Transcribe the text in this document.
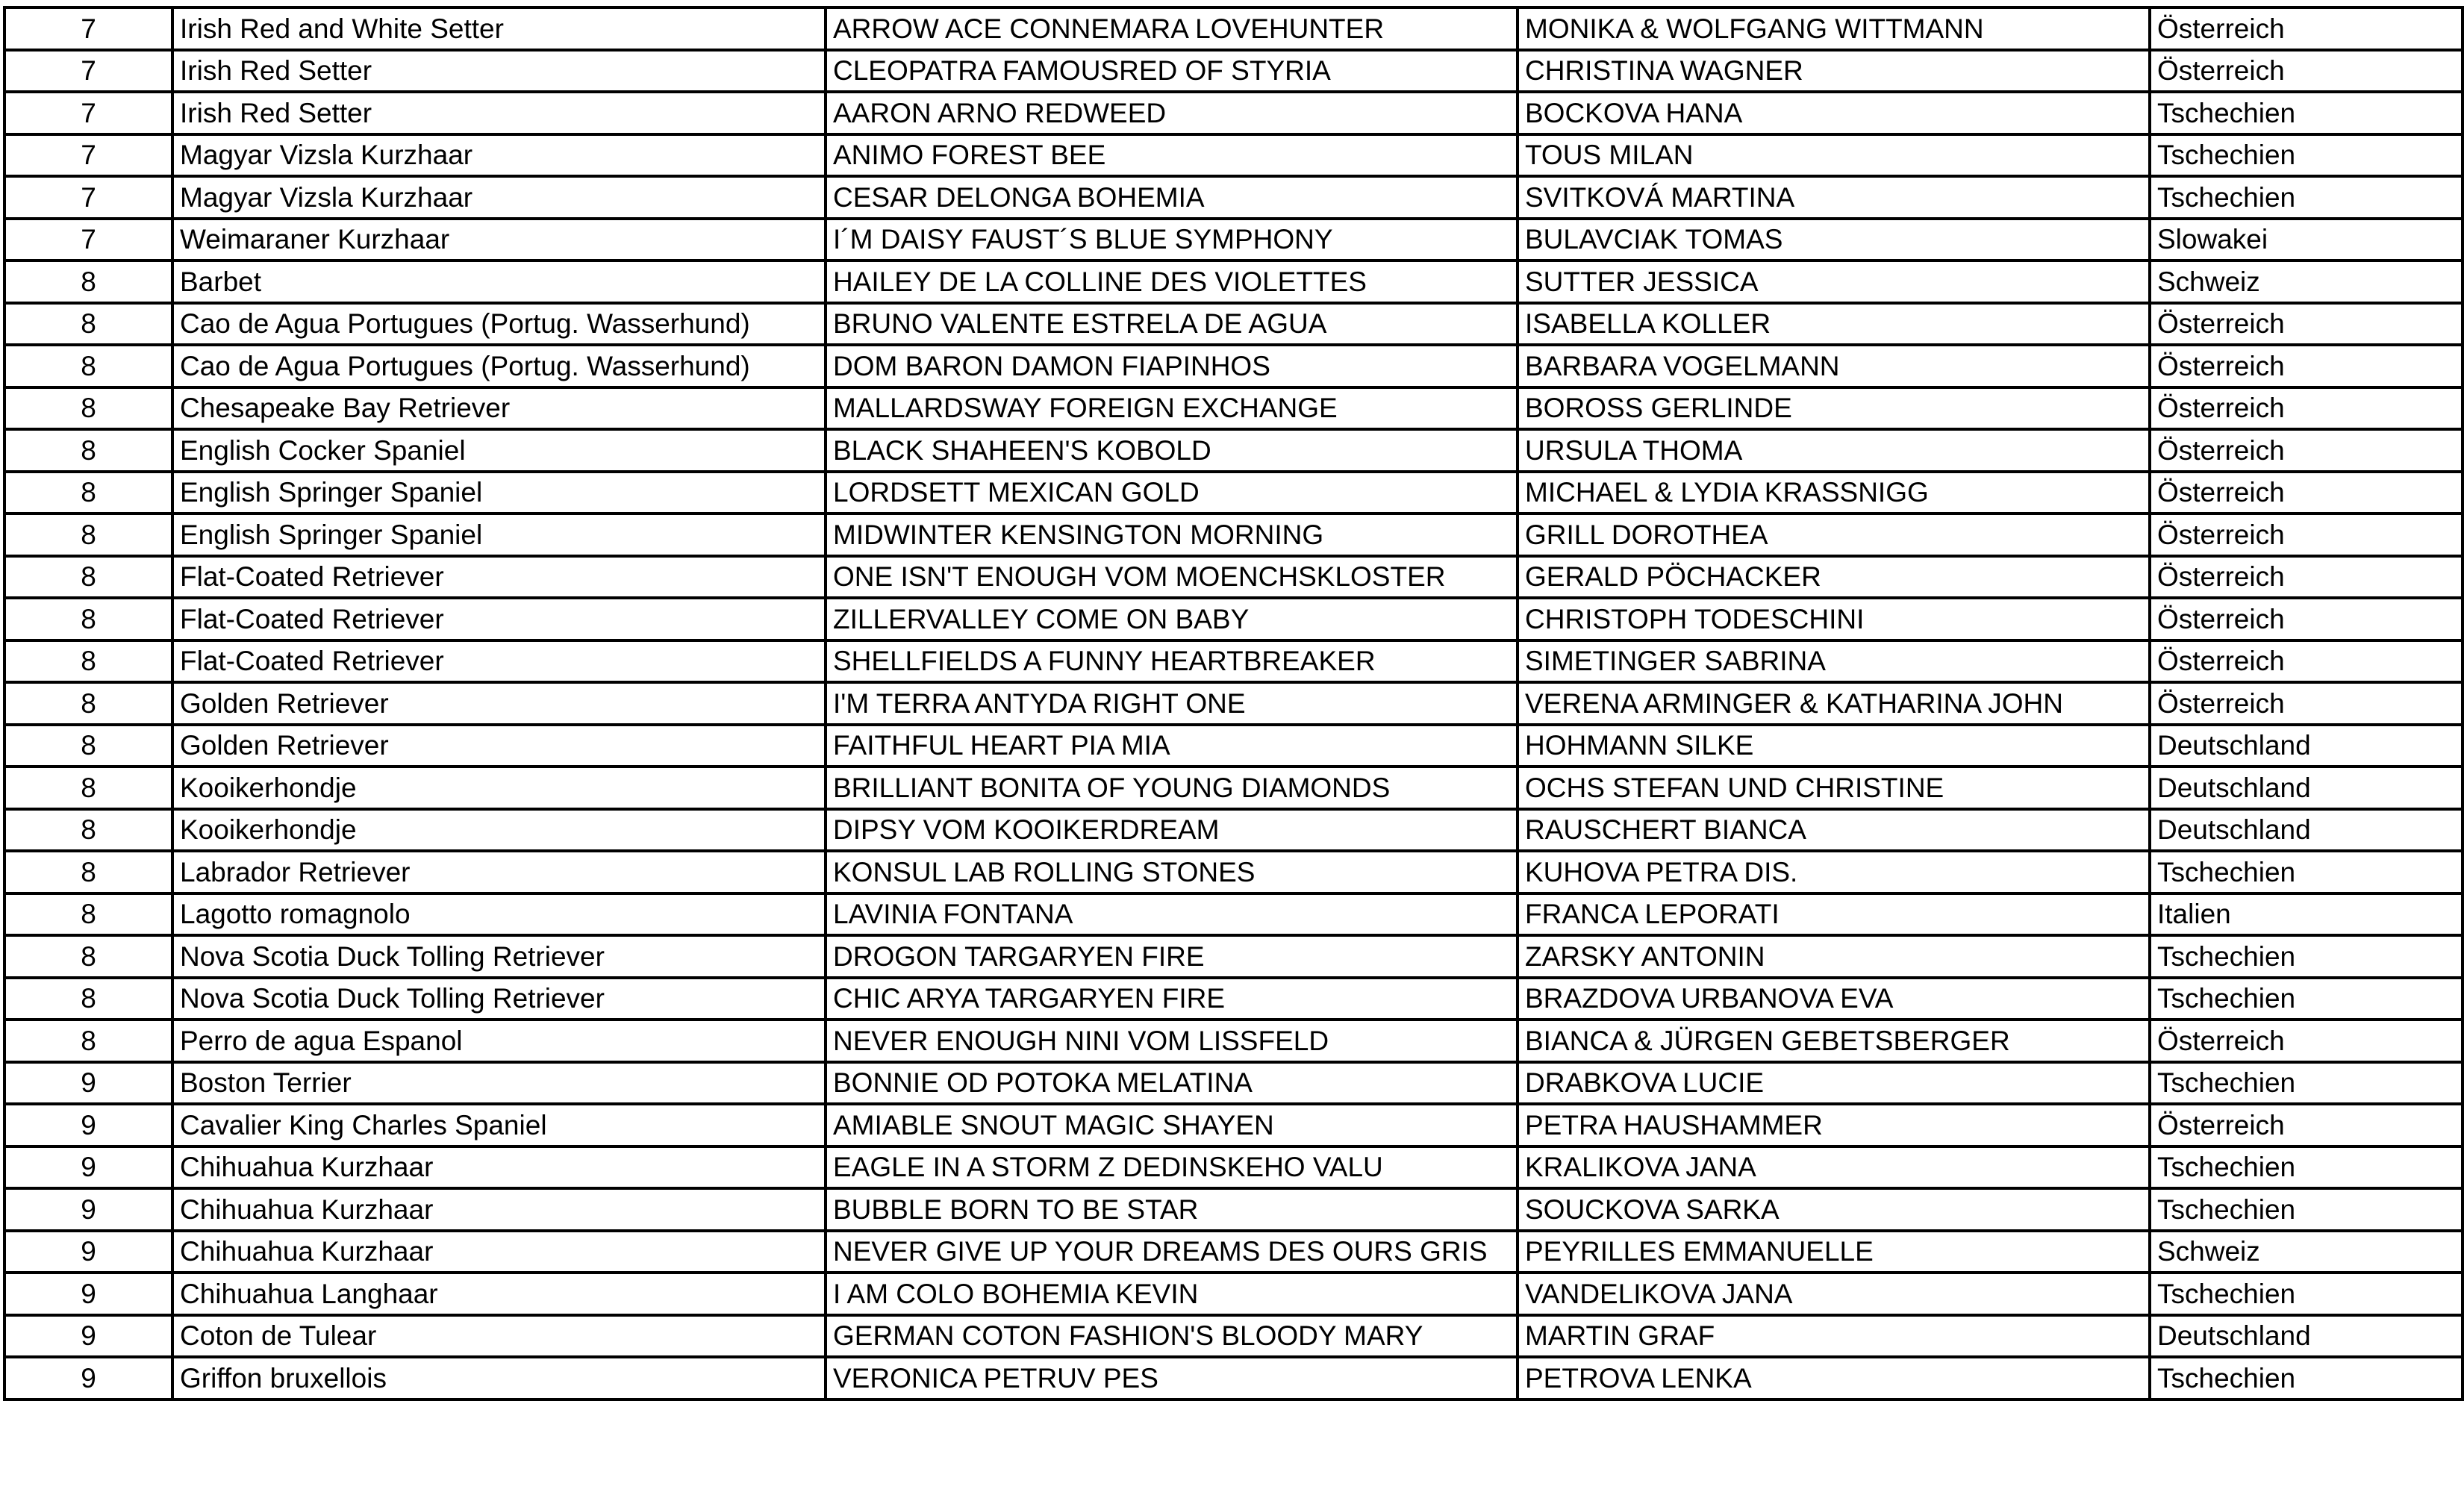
7	Irish Red and White Setter	ARROW ACE CONNEMARA LOVEHUNTER	MONIKA & WOLFGANG WITTMANN	Österreich
7	Irish Red Setter	CLEOPATRA FAMOUSRED OF STYRIA	CHRISTINA WAGNER	Österreich
7	Irish Red Setter	AARON ARNO REDWEED	BOCKOVA HANA	Tschechien
7	Magyar Vizsla Kurzhaar	ANIMO FOREST BEE	TOUS MILAN	Tschechien
7	Magyar Vizsla Kurzhaar	CESAR DELONGA BOHEMIA	SVITKOVÁ MARTINA	Tschechien
7	Weimaraner Kurzhaar	I´M DAISY FAUST´S BLUE SYMPHONY	BULAVCIAK TOMAS	Slowakei
8	Barbet	HAILEY DE LA COLLINE DES VIOLETTES	SUTTER JESSICA	Schweiz
8	Cao de Agua Portugues (Portug. Wasserhund)	BRUNO VALENTE ESTRELA DE AGUA	ISABELLA KOLLER	Österreich
8	Cao de Agua Portugues (Portug. Wasserhund)	DOM BARON DAMON FIAPINHOS	BARBARA VOGELMANN	Österreich
8	Chesapeake Bay Retriever	MALLARDSWAY FOREIGN EXCHANGE	BOROSS GERLINDE	Österreich
8	English Cocker Spaniel	BLACK SHAHEEN'S KOBOLD	URSULA THOMA	Österreich
8	English Springer Spaniel	LORDSETT MEXICAN GOLD	MICHAEL & LYDIA KRASSNIGG	Österreich
8	English Springer Spaniel	MIDWINTER KENSINGTON MORNING	GRILL DOROTHEA	Österreich
8	Flat-Coated Retriever	ONE ISN'T ENOUGH VOM MOENCHSKLOSTER	GERALD PÖCHACKER	Österreich
8	Flat-Coated Retriever	ZILLERVALLEY COME ON BABY	CHRISTOPH TODESCHINI	Österreich
8	Flat-Coated Retriever	SHELLFIELDS A FUNNY HEARTBREAKER	SIMETINGER SABRINA	Österreich
8	Golden Retriever	I'M TERRA ANTYDA RIGHT ONE	VERENA ARMINGER & KATHARINA JOHN	Österreich
8	Golden Retriever	FAITHFUL HEART PIA MIA	HOHMANN SILKE	Deutschland
8	Kooikerhondje	BRILLIANT BONITA OF YOUNG DIAMONDS	OCHS STEFAN UND CHRISTINE	Deutschland
8	Kooikerhondje	DIPSY VOM KOOIKERDREAM	RAUSCHERT BIANCA	Deutschland
8	Labrador Retriever	KONSUL LAB ROLLING STONES	KUHOVA PETRA DIS.	Tschechien
8	Lagotto romagnolo	LAVINIA FONTANA	FRANCA LEPORATI	Italien
8	Nova Scotia Duck Tolling Retriever	DROGON TARGARYEN FIRE	ZARSKY ANTONIN	Tschechien
8	Nova Scotia Duck Tolling Retriever	CHIC ARYA TARGARYEN FIRE	BRAZDOVA URBANOVA EVA	Tschechien
8	Perro de agua Espanol	NEVER ENOUGH NINI VOM LISSFELD	BIANCA & JÜRGEN GEBETSBERGER	Österreich
9	Boston Terrier	BONNIE OD POTOKA MELATINA	DRABKOVA LUCIE	Tschechien
9	Cavalier King Charles Spaniel	AMIABLE SNOUT MAGIC SHAYEN	PETRA HAUSHAMMER	Österreich
9	Chihuahua Kurzhaar	EAGLE IN A STORM Z DEDINSKEHO VALU	KRALIKOVA JANA	Tschechien
9	Chihuahua Kurzhaar	BUBBLE BORN TO BE STAR	SOUCKOVA SARKA	Tschechien
9	Chihuahua Kurzhaar	NEVER GIVE UP YOUR DREAMS DES OURS GRIS	PEYRILLES EMMANUELLE	Schweiz
9	Chihuahua Langhaar	I AM COLO BOHEMIA KEVIN	VANDELIKOVA JANA	Tschechien
9	Coton de Tulear	GERMAN COTON FASHION'S BLOODY MARY	MARTIN GRAF	Deutschland
9	Griffon bruxellois	VERONICA PETRUV PES	PETROVA LENKA	Tschechien
